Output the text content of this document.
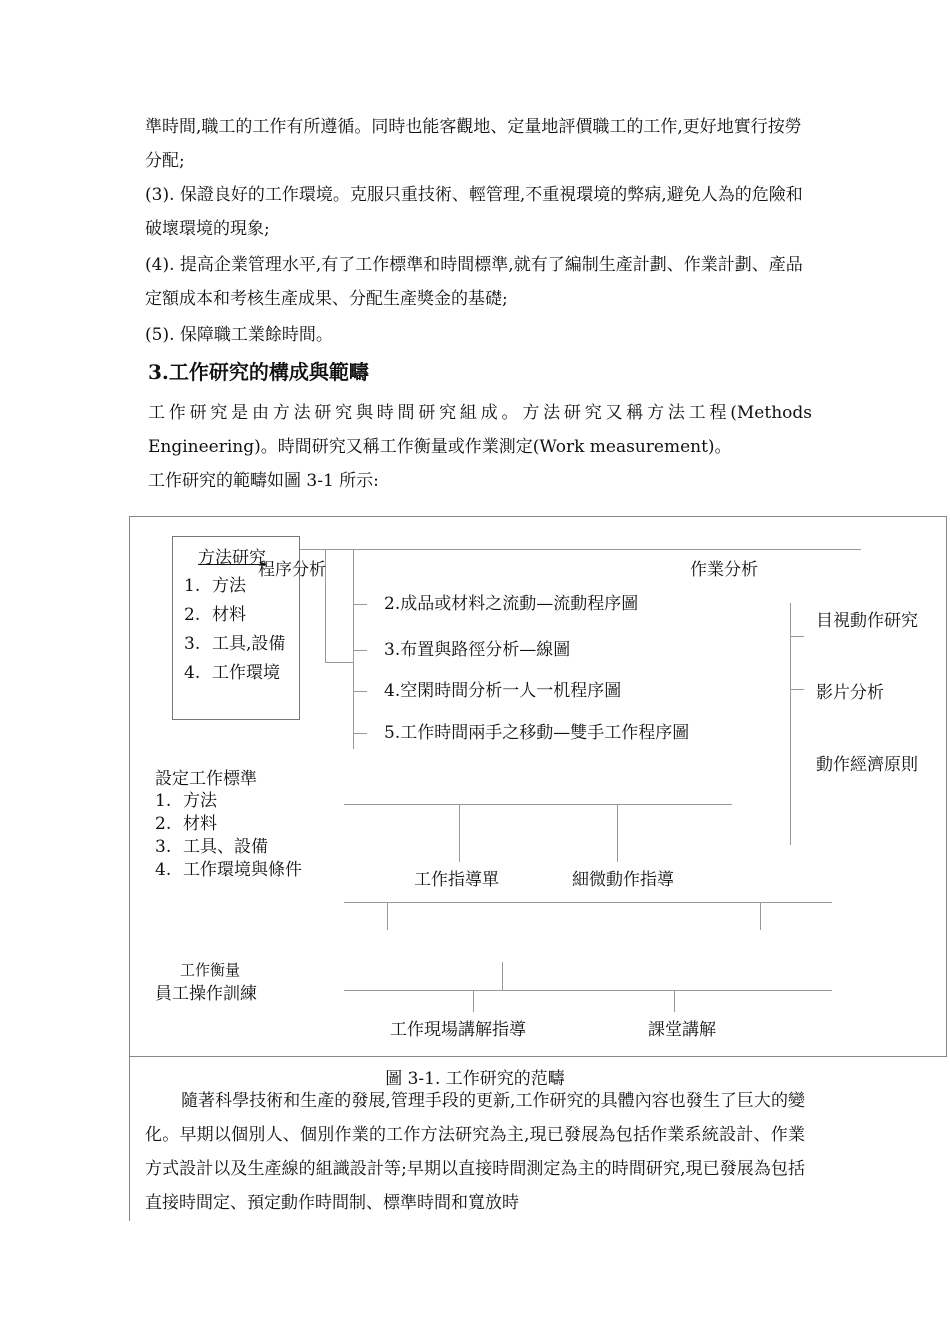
準時間,職工的工作有所遵循。同時也能客觀地、定量地評價職工的工作,更好地實行按勞分配;

(3). 保證良好的工作環境。克服只重技術、輕管理,不重視環境的弊病,避免人為的危險和破壞環境的現象;

(4). 提高企業管理水平,有了工作標準和時間標準,就有了編制生產計劃、作業計劃、產品定額成本和考核生產成果、分配生產獎金的基礎;

(5). 保障職工業餘時間。

3.工作研究的構成與範疇

工作研究是由方法研究與時間研究組成。方法研究又稱方法工程(Methods Engineering)。時間研究又稱工作衡量或作業測定(Work measurement)。

工作研究的範疇如圖 3-1 所示:

方法研究

1. 方法
2. 材料
3. 工具,設備
4. 工作環境

程序分析	作業分析

2.成品或材料之流動—流動程序圖

3.布置與路徑分析—線圖

4.空閑時間分析一人一机程序圖

5.工作時間兩手之移動—雙手工作程序圖

目視動作研究

影片分析

動作經濟原則

設定工作標準

1. 方法
2. 材料
3. 工具、設備
4. 工作環境與條件	工作指導單	細微動作指導

工作衡量

員工操作訓練

工作現場講解指導	課堂講解

圖 3-1. 工作研究的范疇

隨著科學技術和生產的發展,管理手段的更新,工作研究的具體內容也發生了巨大的變化。早期以個別人、個別作業的工作方法研究為主,現已發展為包括作業系統設計、作業方式設計以及生產線的組識設計等;早期以直接時間測定為主的時間研究,現已發展為包括直接時間定、預定動作時間制、標準時間和寬放時
